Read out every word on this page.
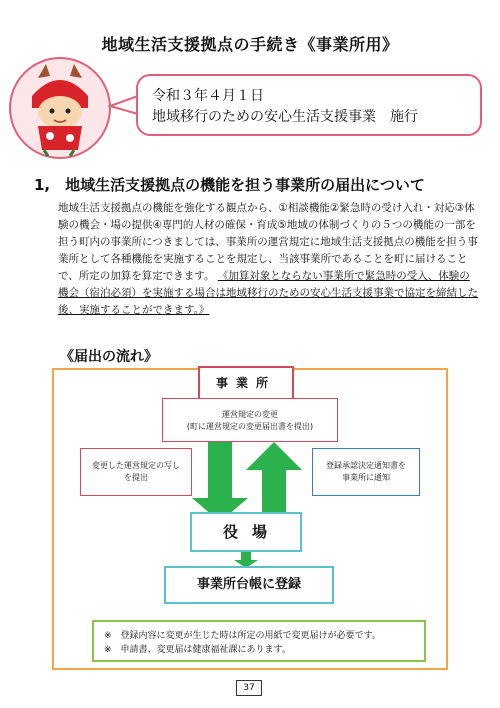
地域生活支援拠点の手続き《事業所用》
令和３年４月１日
地域移行のための安心生活支援事業　施行
1,　地域生活支援拠点の機能を担う事業所の届出について
地域生活支援拠点の機能を強化する観点から、①相談機能②緊急時の受け入れ・対応③体験の機会・場の提供④専門的人材の確保・育成⑤地域の体制づくりの５つの機能の一部を担う町内の事業所につきましては、事業所の運営規定に地域生活支援拠点の機能を担う事業所として各種機能を実施することを規定し、当該事業所であることを町に届けることで、所定の加算を算定できます。 《加算対象とならない事業所で緊急時の受入、体験の機会（宿泊必須）を実施する場合は地域移行のための安心生活支援事業で協定を締結した後、実施することができます。》
《届出の流れ》
事業所
運営規定の変更
(町に運営規定の変更届出書を提出)
変更した運営規定の写し
を提出
登録承認決定通知書を
事業所に通知
役場
事業所台帳に登録
※　登録内容に変更が生じた時は所定の用紙で変更届けが必要です。
※　申請書、変更届は健康福祉課にあります。
37
